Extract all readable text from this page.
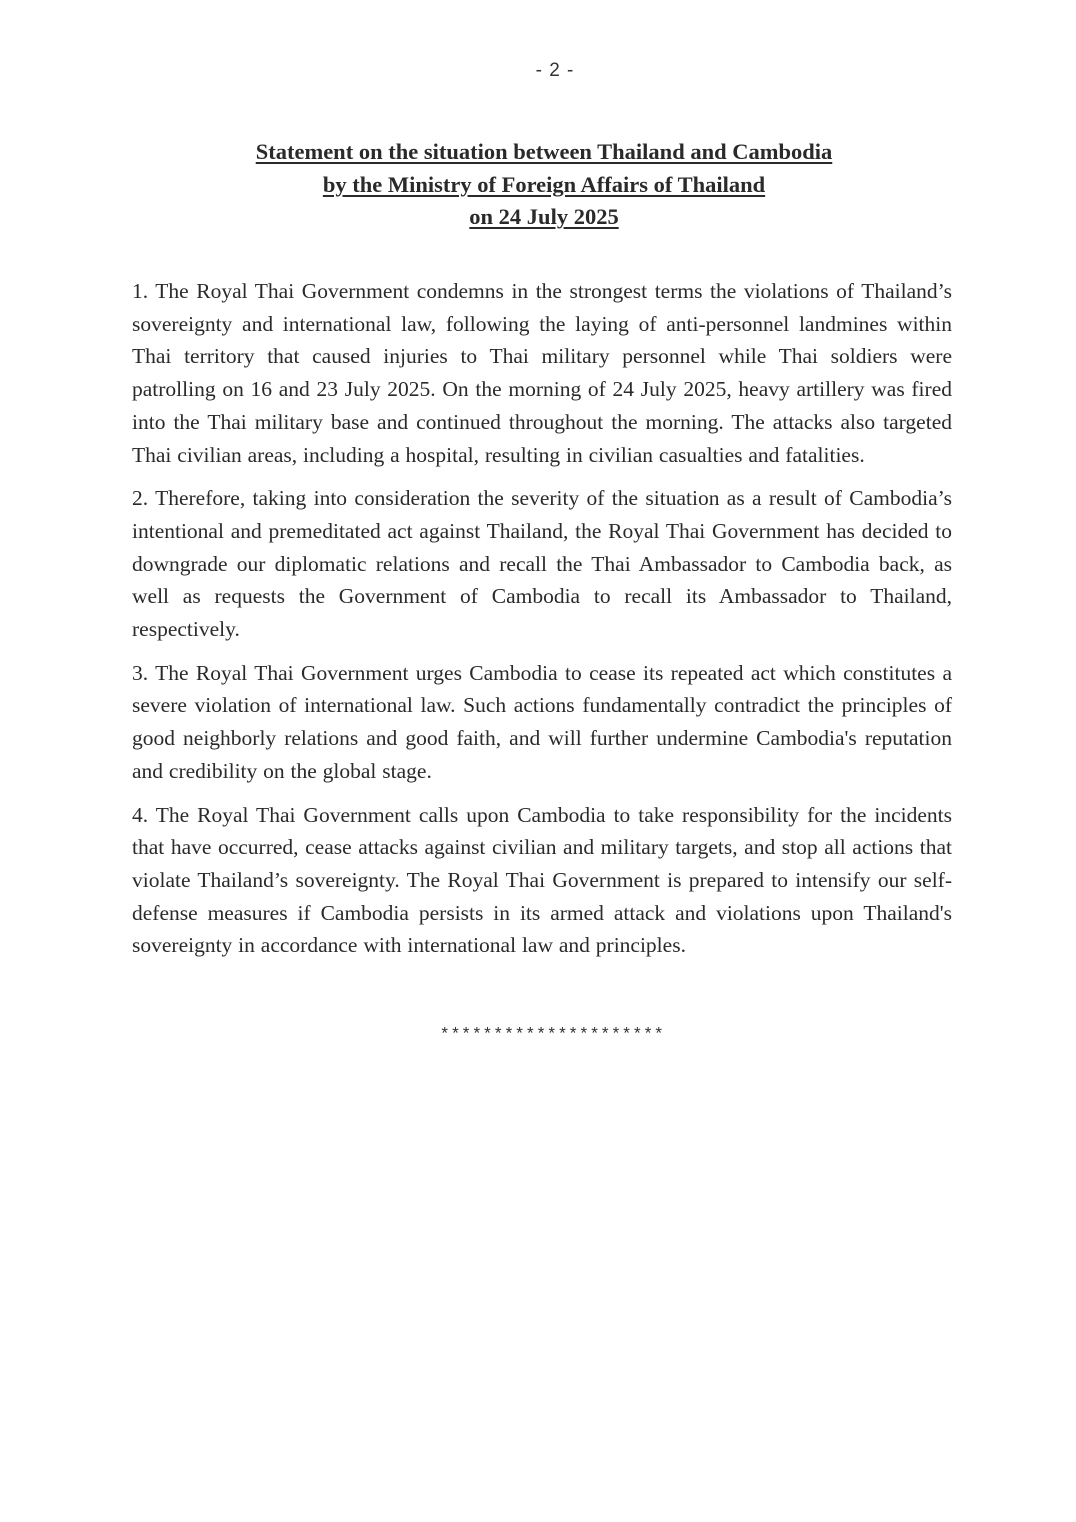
- 2 -
Statement on the situation between Thailand and Cambodia
by the Ministry of Foreign Affairs of Thailand
on 24 July 2025

1. The Royal Thai Government condemns in the strongest terms the violations of Thailand’s sovereignty and international law, following the laying of anti-personnel landmines within Thai territory that caused injuries to Thai military personnel while Thai soldiers were patrolling on 16 and 23 July 2025. On the morning of 24 July 2025, heavy artillery was fired into the Thai military base and continued throughout the morning. The attacks also targeted Thai civilian areas, including a hospital, resulting in civilian casualties and fatalities.

2. Therefore, taking into consideration the severity of the situation as a result of Cambodia’s intentional and premeditated act against Thailand, the Royal Thai Government has decided to downgrade our diplomatic relations and recall the Thai Ambassador to Cambodia back, as well as requests the Government of Cambodia to recall its Ambassador to Thailand, respectively.

3. The Royal Thai Government urges Cambodia to cease its repeated act which constitutes a severe violation of international law. Such actions fundamentally contradict the principles of good neighborly relations and good faith, and will further undermine Cambodia's reputation and credibility on the global stage.

4. The Royal Thai Government calls upon Cambodia to take responsibility for the incidents that have occurred, cease attacks against civilian and military targets, and stop all actions that violate Thailand’s sovereignty. The Royal Thai Government is prepared to intensify our self-defense measures if Cambodia persists in its armed attack and violations upon Thailand's sovereignty in accordance with international law and principles.

*********************
